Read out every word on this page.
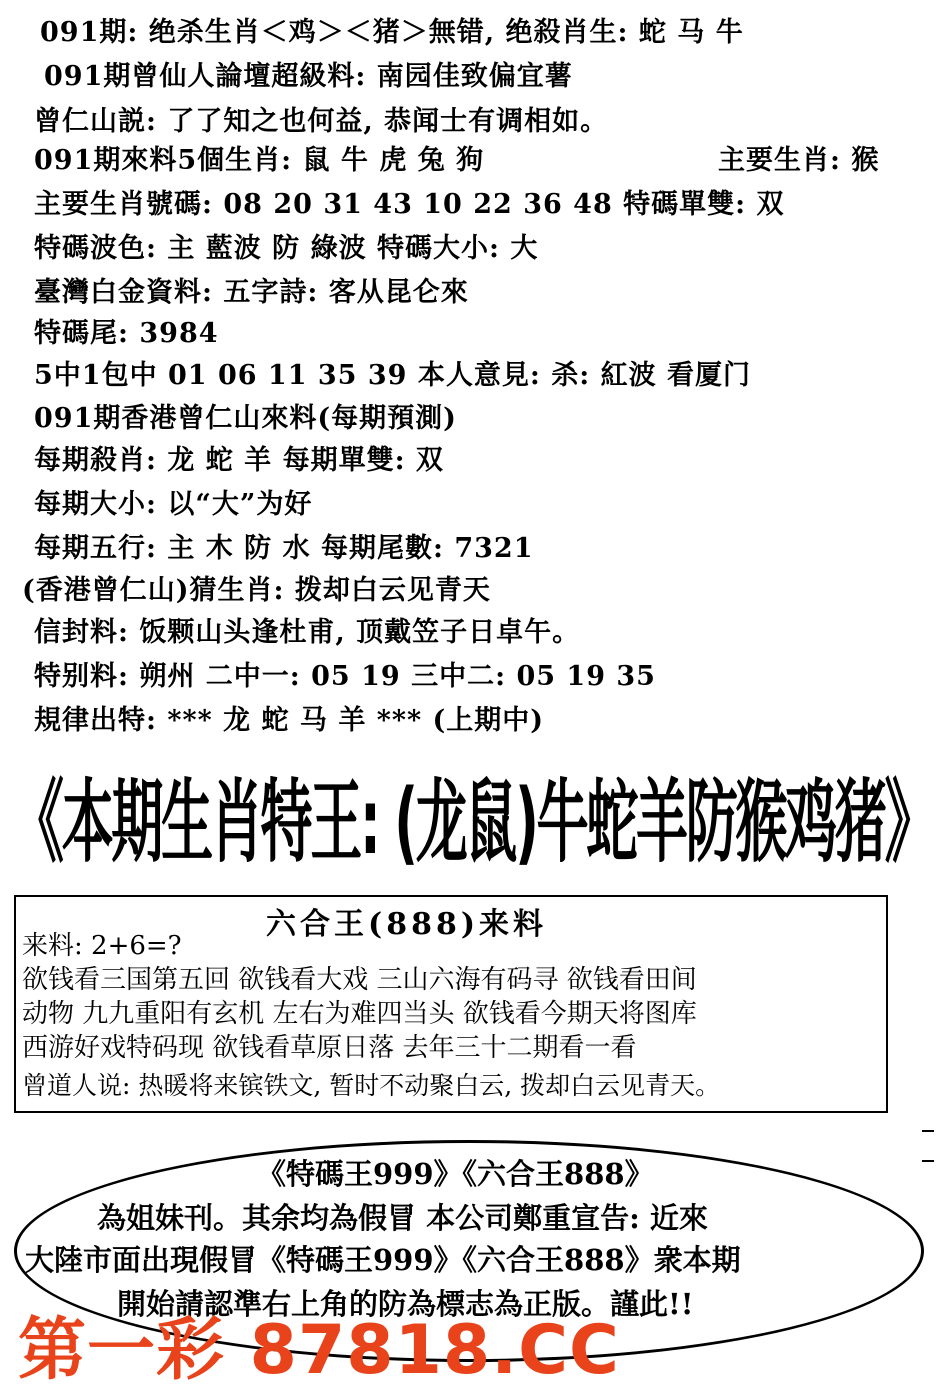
091期: 绝杀生肖＜鸡＞＜猪＞無错, 绝殺肖生: 蛇 马 牛
091期曾仙人論壇超級料: 南园佳致偏宜薯
曾仁山説: 了了知之也何益, 恭闻士有调相如。
091期來料5個生肖: 鼠 牛 虎 兔 狗	主要生肖: 猴
主要生肖號碼: 08 20 31 43 10 22 36 48 特碼單雙: 双
特碼波色: 主 藍波 防 綠波 特碼大小: 大
臺灣白金資料: 五字詩: 客从昆仑來
特碼尾: 3984
5中1包中 01 06 11 35 39 本人意見: 杀: 紅波 看厦门
091期香港曾仁山來料(每期預測)
每期殺肖: 龙 蛇 羊 每期單雙: 双
每期大小: 以“大”为好
每期五行: 主 木 防 水 每期尾數: 7321
(香港曾仁山)猜生肖: 拨却白云见青天
信封料: 饭颗山头逢杜甫, 顶戴笠子日卓午。
特别料: 朔州 二中一: 05 19 三中二: 05 19 35
規律出特: *** 龙 蛇 马 羊 *** (上期中)
《本期生肖特王: (龙鼠)牛蛇羊防猴鸡猪》
六合王(888)来料
来料: 2+6=?
欲钱看三国第五回 欲钱看大戏 三山六海有码寻 欲钱看田间
动物 九九重阳有玄机 左右为难四当头 欲钱看今期天将图库
西游好戏特码现 欲钱看草原日落 去年三十二期看一看
曾道人说: 热暖将来镔铁文, 暂时不动聚白云, 拨却白云见青天。
《特碼王999》《六合王888》
為姐妹刊。其余均為假冒 本公司鄭重宣告: 近來
大陸市面出現假冒《特碼王999》《六合王888》衆本期
開始請認準右上角的防為標志為正版。謹此!!
第一彩 87818.CC
